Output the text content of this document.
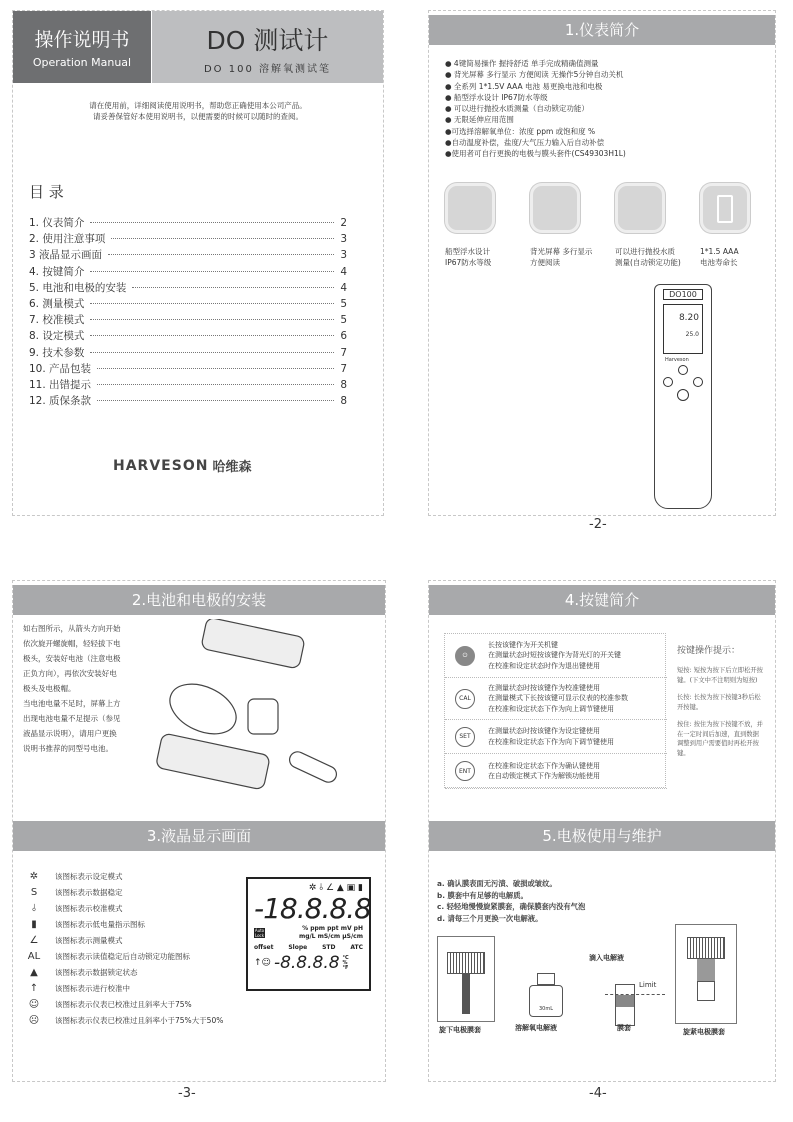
操作说明书
Operation Manual
DO 测试计
DO 100 溶解氧测试笔
请在使用前，详细阅读使用说明书，帮助您正确使用本公司产品。
请妥善保管好本使用说明书，以便需要的时候可以随时的查阅。
目 录
1. 仪表简介	2
2. 使用注意事项	3
3 液晶显示画面	3
4. 按键简介	4
5. 电池和电极的安装	4
6. 测量模式	5
7. 校准模式	5
8. 设定模式	6
9. 技术参数	7
10. 产品包装	7
11. 出错提示	8
12. 质保条款	8
HARVESON 哈维森
1.仪表简介
● 4键简易操作 握持舒适 单手完成精确值测量
● 背光屏幕 多行显示 方便阅读 无操作5分钟自动关机
● 全系列 1*1.5V AAA 电池 易更换电池和电极
● 船型浮水设计 IP67防水等级
● 可以进行抛投水质测量（自动锁定功能）
● 无限延伸应用范围
●可选择溶解氧单位：浓度 ppm 或饱和度 %
●自动温度补偿，盐度/大气压力输入后自动补偿
●使用者可自行更换的电极与膜头套件(CS49303H1L)
船型浮水设计
IP67防水等级
背光屏幕 多行显示
方便阅读
可以进行抛投水质
测量(自动锁定功能)
1*1.5 AAA
电池寿命长
DO100
8.20
25.0
Harveson
-2-
2.电池和电极的安装
如右图所示，从箭头方向开始
依次旋开螺旋帽，轻轻拔下电
极头，安装好电池（注意电极
正负方向），再依次安装好电
极头及电极帽。
当电池电量不足时，屏幕上方
出现电池电量不足提示（参见
液晶显示说明），请用户更换
说明书推荐的同型号电池。
3.液晶显示画面
✲	该图标表示设定模式
S	该图标表示数据稳定
⫰	该图标表示校准模式
▮	该图标表示低电量指示图标
∠	该图标表示测量模式
AL 该图标表示读值稳定后自动锁定功能图标
▲	该图标表示数据锁定状态
↑	该图标表示进行校准中
☺ 该图标表示仪表已校准过且斜率大于75%
☹ 该图标表示仪表已校准过且斜率小于75%大于50%
✲ ⫰ ∠ ▲ ▣ ▮
-18.8.8.8
Auto Lock
% ppm ppt mV pH
mg/L mS/cm μS/cm
offset Slope STD ATC
↑☺ -8.8.8.8 °C
%
°F
-3-
4.按键简介
⏻
长按该键作为开关机键
在测量状态时短按该键作为背光灯的开关键
在校准和设定状态时作为退出键使用
CAL
在测量状态时按该键作为校准键使用
在测量模式下长按该键可显示仪表的校准参数
在校准和设定状态下作为向上调节键使用
SET
在测量状态时按该键作为设定键使用
在校准和设定状态下作为向下调节键使用
ENT
在校准和设定状态下作为确认键使用
在自动锁定模式下作为解锁功能使用
按键操作提示：
短按: 短按为按下后立即松开按键。(下文中不注明则为短按)
长按: 长按为按下按键3秒后松开按键。
按住: 按住为按下按键不放，并在一定时间后加速，直到数据调整到用户需要值时再松开按键。
5.电极使用与维护
a. 确认膜表面无污渍、破损或皱纹。
b. 膜套中有足够的电解质。
c. 轻轻地慢慢旋紧膜套，确保膜套内没有气泡
d. 请每三个月更换一次电解液。
旋下电极膜套
30mL
溶解氧电解液
滴入电解液
Limit
膜套	旋紧电极膜套
-4-
